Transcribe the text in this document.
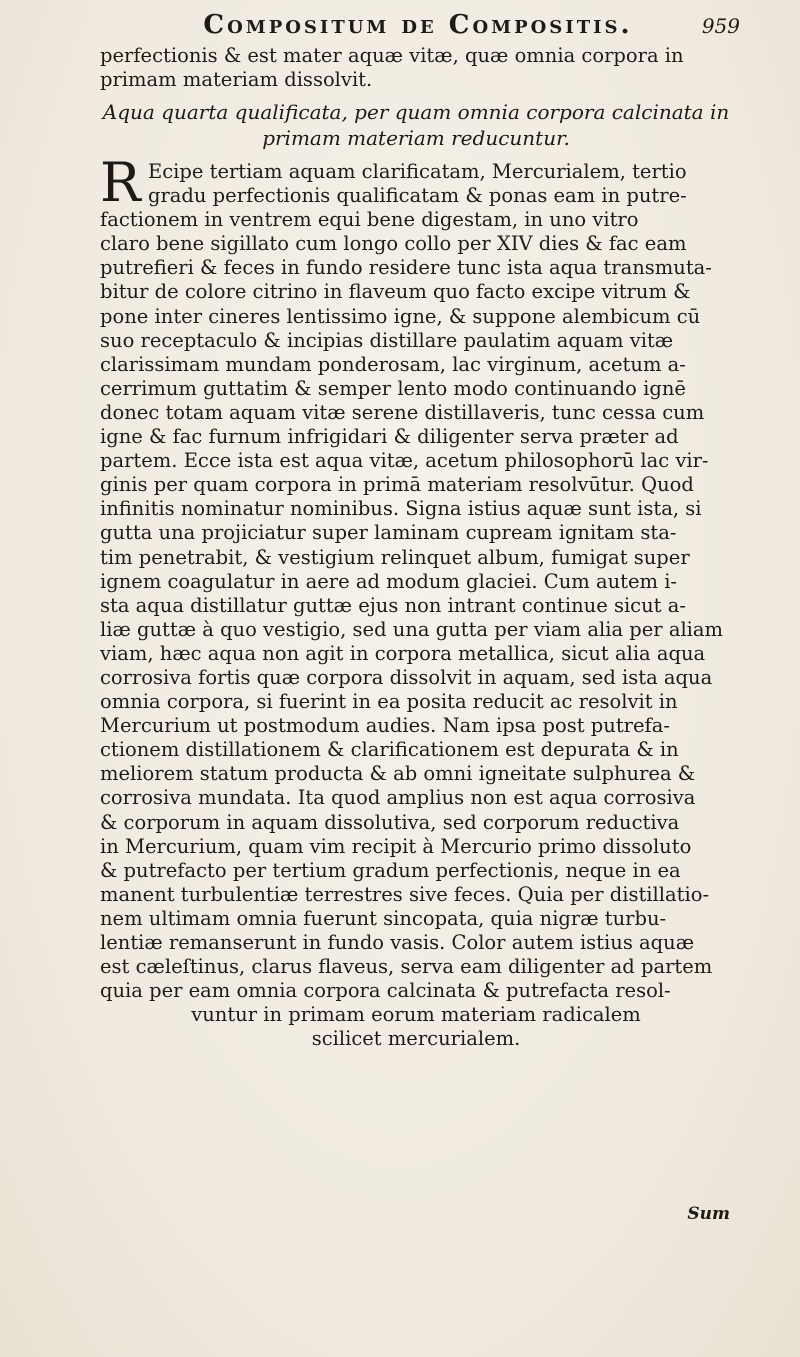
Compositum de Compositis.	959
perfectionis & est mater aquæ vitæ, quæ omnia corpora in
primam materiam dissolvit.
Aqua quarta qualificata, per quam omnia corpora calcinata in
primam materiam reducuntur.
R Ecipe tertiam aquam clarificatam, Mercurialem, tertio
gradu perfectionis qualificatam & ponas eam in putre-
factionem in ventrem equi bene digestam, in uno vitro
claro bene sigillato cum longo collo per XIV dies & fac eam
putrefieri & feces in fundo residere tunc ista aqua transmuta-
bitur de colore citrino in flaveum quo facto excipe vitrum &
pone inter cineres lentissimo igne, & suppone alembicum cū
suo receptaculo & incipias distillare paulatim aquam vitæ
clarissimam mundam ponderosam, lac virginum, acetum a-
cerrimum guttatim & semper lento modo continuando ignē
donec totam aquam vitæ serene distillaveris, tunc cessa cum
igne & fac furnum infrigidari & diligenter serva præter ad
partem. Ecce ista est aqua vitæ, acetum philosophorū lac vir-
ginis per quam corpora in primā materiam resolvūtur. Quod
infinitis nominatur nominibus. Signa istius aquæ sunt ista, si
gutta una projiciatur super laminam cupream ignitam sta-
tim penetrabit, & vestigium relinquet album, fumigat super
ignem coagulatur in aere ad modum glaciei. Cum autem i-
sta aqua distillatur guttæ ejus non intrant continue sicut a-
liæ guttæ à quo vestigio, sed una gutta per viam alia per aliam
viam, hæc aqua non agit in corpora metallica, sicut alia aqua
corrosiva fortis quæ corpora dissolvit in aquam, sed ista aqua
omnia corpora, si fuerint in ea posita reducit ac resolvit in
Mercurium ut postmodum audies. Nam ipsa post putrefa-
ctionem distillationem & clarificationem est depurata & in
meliorem statum producta & ab omni igneitate sulphurea &
corrosiva mundata. Ita quod amplius non est aqua corrosiva
& corporum in aquam dissolutiva, sed corporum reductiva
in Mercurium, quam vim recipit à Mercurio primo dissoluto
& putrefacto per tertium gradum perfectionis, neque in ea
manent turbulentiæ terrestres sive feces. Quia per distillatio-
nem ultimam omnia fuerunt sincopata, quia nigræ turbu-
lentiæ remanserunt in fundo vasis. Color autem istius aquæ
est cæleſtinus, clarus flaveus, serva eam diligenter ad partem
quia per eam omnia corpora calcinata & putrefacta resol-
vuntur in primam eorum materiam radicalem
scilicet mercurialem.
Sum
